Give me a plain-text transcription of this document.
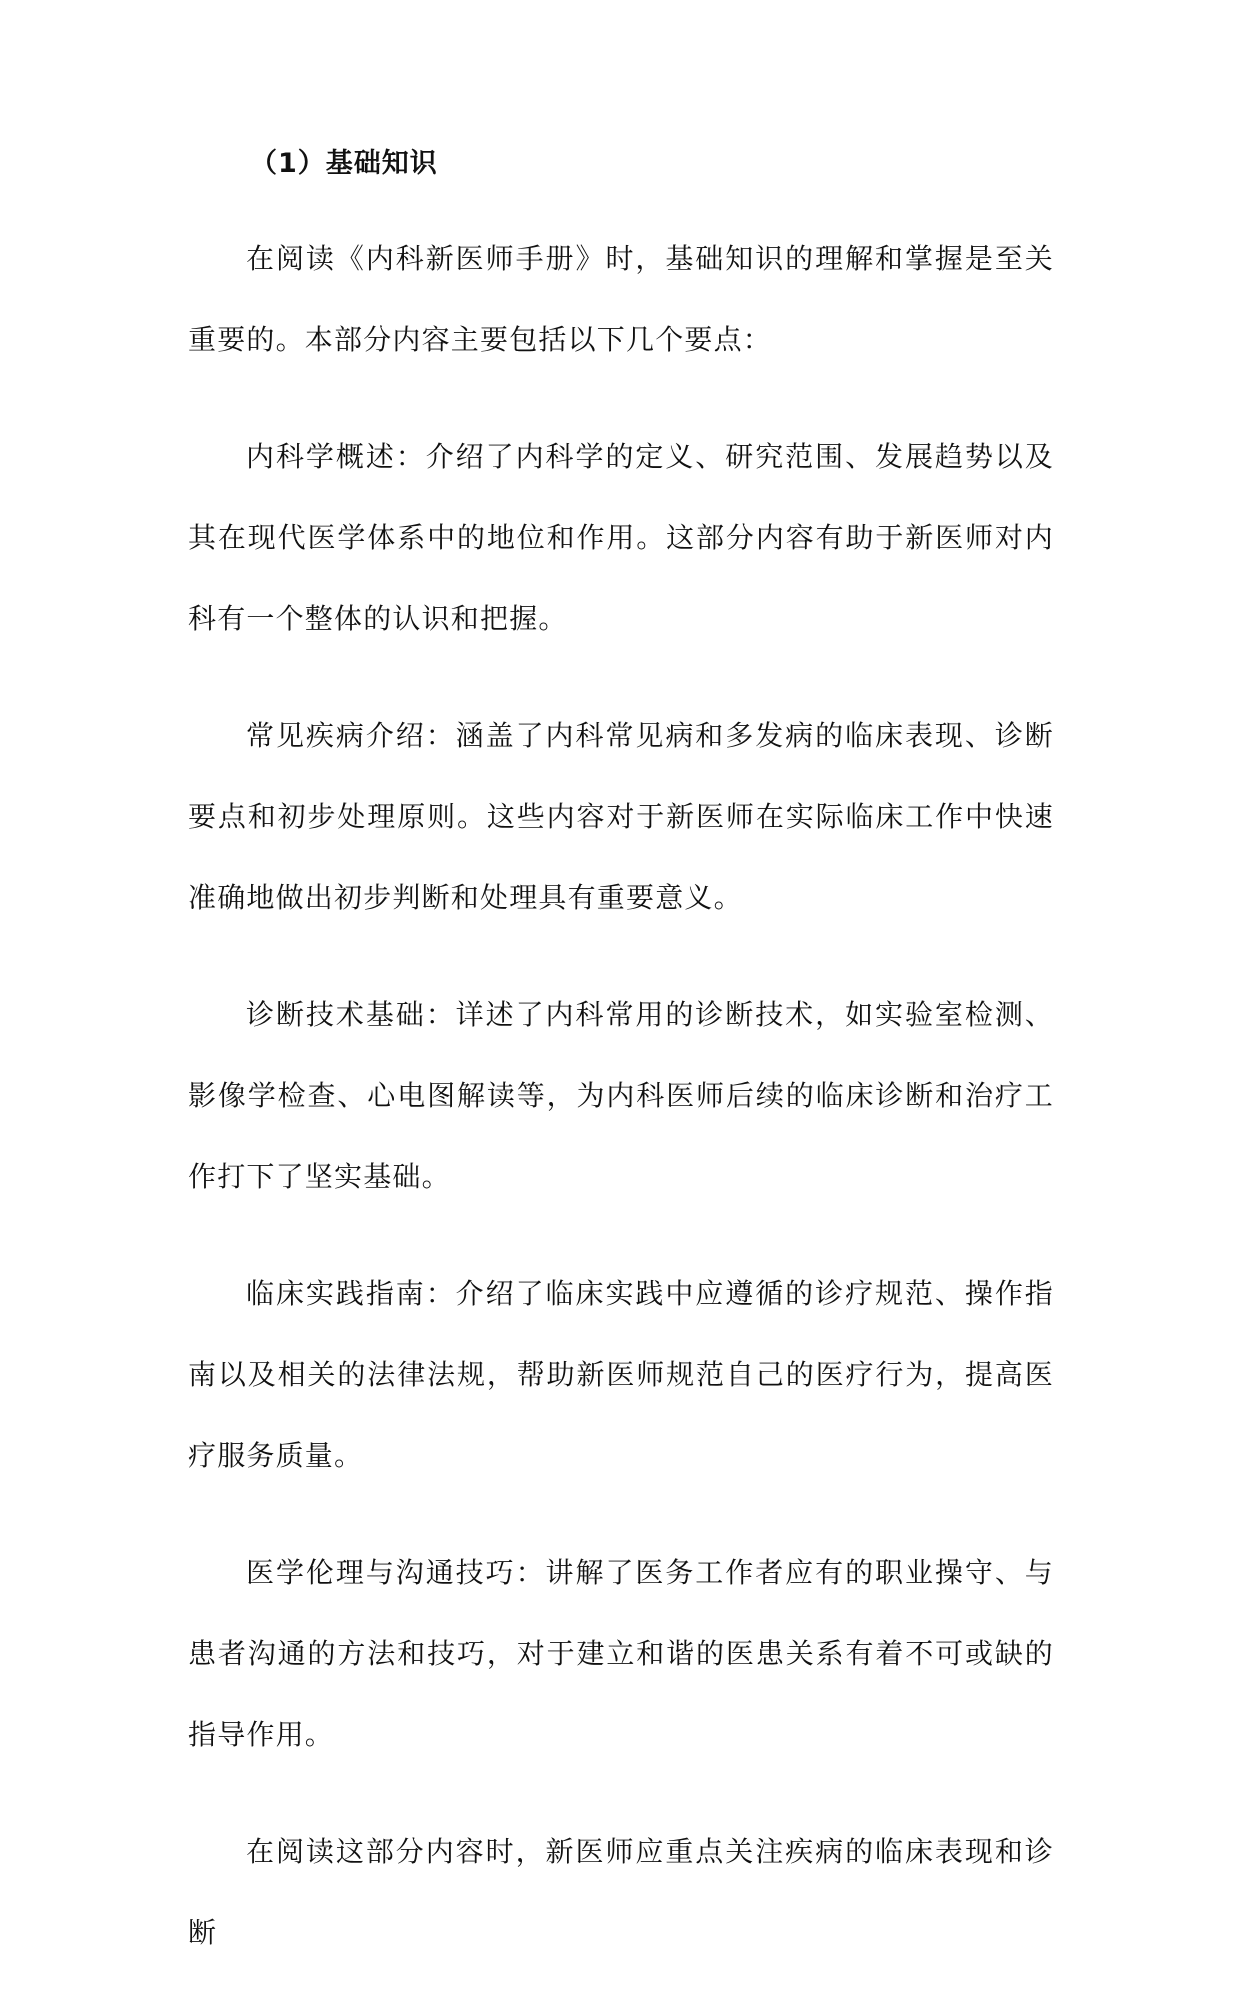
（1）基础知识

在阅读《内科新医师手册》时，基础知识的理解和掌握是至关重要的。本部分内容主要包括以下几个要点：

内科学概述：介绍了内科学的定义、研究范围、发展趋势以及其在现代医学体系中的地位和作用。这部分内容有助于新医师对内科有一个整体的认识和把握。

常见疾病介绍：涵盖了内科常见病和多发病的临床表现、诊断要点和初步处理原则。这些内容对于新医师在实际临床工作中快速准确地做出初步判断和处理具有重要意义。

诊断技术基础：详述了内科常用的诊断技术，如实验室检测、影像学检查、心电图解读等，为内科医师后续的临床诊断和治疗工作打下了坚实基础。

临床实践指南：介绍了临床实践中应遵循的诊疗规范、操作指南以及相关的法律法规，帮助新医师规范自己的医疗行为，提高医疗服务质量。

医学伦理与沟通技巧：讲解了医务工作者应有的职业操守、与患者沟通的方法和技巧，对于建立和谐的医患关系有着不可或缺的指导作用。

在阅读这部分内容时，新医师应重点关注疾病的临床表现和诊断
